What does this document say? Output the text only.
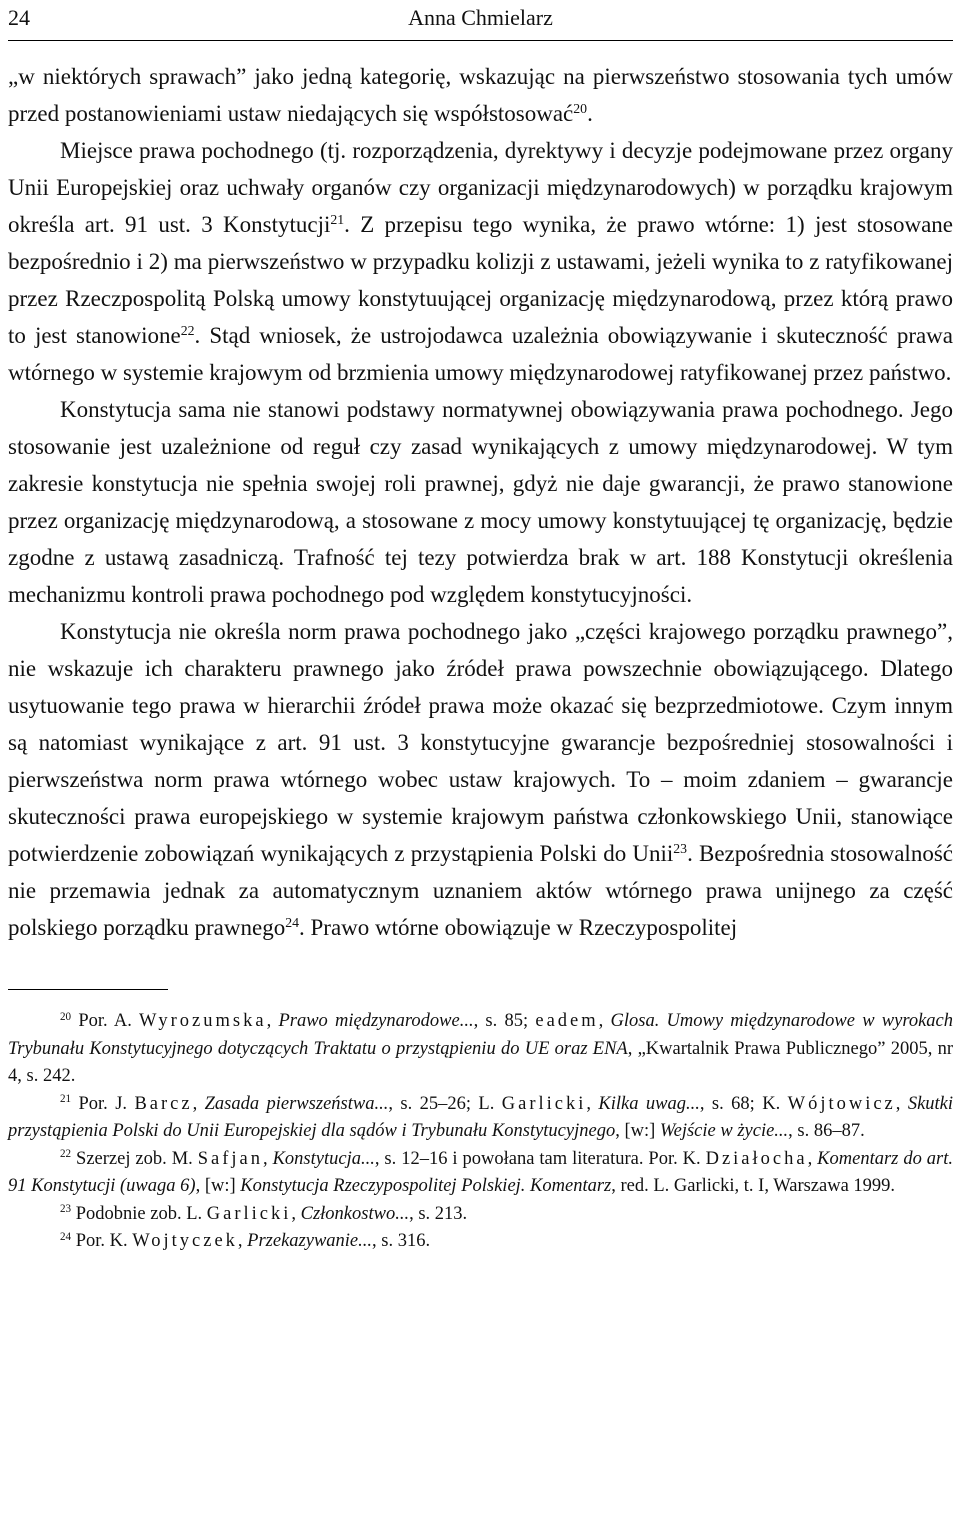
24	Anna Chmielarz

„w niektórych sprawach” jako jedną kategorię, wskazując na pierwszeństwo stosowania tych umów przed postanowieniami ustaw niedających się współstosować$^{20}$.

Miejsce prawa pochodnego (tj. rozporządzenia, dyrektywy i decyzje podejmowane przez organy Unii Europejskiej oraz uchwały organów czy organizacji międzynarodowych) w porządku krajowym określa art. 91 ust. 3 Konstytucji$^{21}$. Z przepisu tego wynika, że prawo wtórne: 1) jest stosowane bezpośrednio i 2) ma pierwszeństwo w przypadku kolizji z ustawami, jeżeli wynika to z ratyfikowanej przez Rzeczpospolitą Polską umowy konstytuującej organizację międzynarodową, przez którą prawo to jest stanowione$^{22}$. Stąd wniosek, że ustrojodawca uzależnia obowiązywanie i skuteczność prawa wtórnego w systemie krajowym od brzmienia umowy międzynarodowej ratyfikowanej przez państwo.

Konstytucja sama nie stanowi podstawy normatywnej obowiązywania prawa pochodnego. Jego stosowanie jest uzależnione od reguł czy zasad wynikających z umowy międzynarodowej. W tym zakresie konstytucja nie spełnia swojej roli prawnej, gdyż nie daje gwarancji, że prawo stanowione przez organizację międzynarodową, a stosowane z mocy umowy konstytuującej tę organizację, będzie zgodne z ustawą zasadniczą. Trafność tej tezy potwierdza brak w art. 188 Konstytucji określenia mechanizmu kontroli prawa pochodnego pod względem konstytucyjności.

Konstytucja nie określa norm prawa pochodnego jako „części krajowego porządku prawnego”, nie wskazuje ich charakteru prawnego jako źródeł prawa powszechnie obowiązującego. Dlatego usytuowanie tego prawa w hierarchii źródeł prawa może okazać się bezprzedmiotowe. Czym innym są natomiast wynikające z art. 91 ust. 3 konstytucyjne gwarancje bezpośredniej stosowalności i pierwszeństwa norm prawa wtórnego wobec ustaw krajowych. To – moim zdaniem – gwarancje skuteczności prawa europejskiego w systemie krajowym państwa członkowskiego Unii, stanowiące potwierdzenie zobowiązań wynikających z przystąpienia Polski do Unii$^{23}$. Bezpośrednia stosowalność nie przemawia jednak za automatycznym uznaniem aktów wtórnego prawa unijnego za część polskiego porządku prawnego$^{24}$. Prawo wtórne obowiązuje w Rzeczypospolitej

$^{20}$ Por. A. Wyrozumska, Prawo międzynarodowe..., s. 85; eadem, Glosa. Umowy międzynarodowe w wyrokach Trybunału Konstytucyjnego dotyczących Traktatu o przystąpieniu do UE oraz ENA, „Kwartalnik Prawa Publicznego” 2005, nr 4, s. 242.

$^{21}$ Por. J. Barcz, Zasada pierwszeństwa..., s. 25–26; L. Garlicki, Kilka uwag..., s. 68; K. Wójtowicz, Skutki przystąpienia Polski do Unii Europejskiej dla sądów i Trybunału Konstytucyjnego, [w:] Wejście w życie..., s. 86–87.

$^{22}$ Szerzej zob. M. Safjan, Konstytucja..., s. 12–16 i powołana tam literatura. Por. K. Działocha, Komentarz do art. 91 Konstytucji (uwaga 6), [w:] Konstytucja Rzeczypospolitej Polskiej. Komentarz, red. L. Garlicki, t. I, Warszawa 1999.

$^{23}$ Podobnie zob. L. Garlicki, Członkostwo..., s. 213.

$^{24}$ Por. K. Wojtyczek, Przekazywanie..., s. 316.
